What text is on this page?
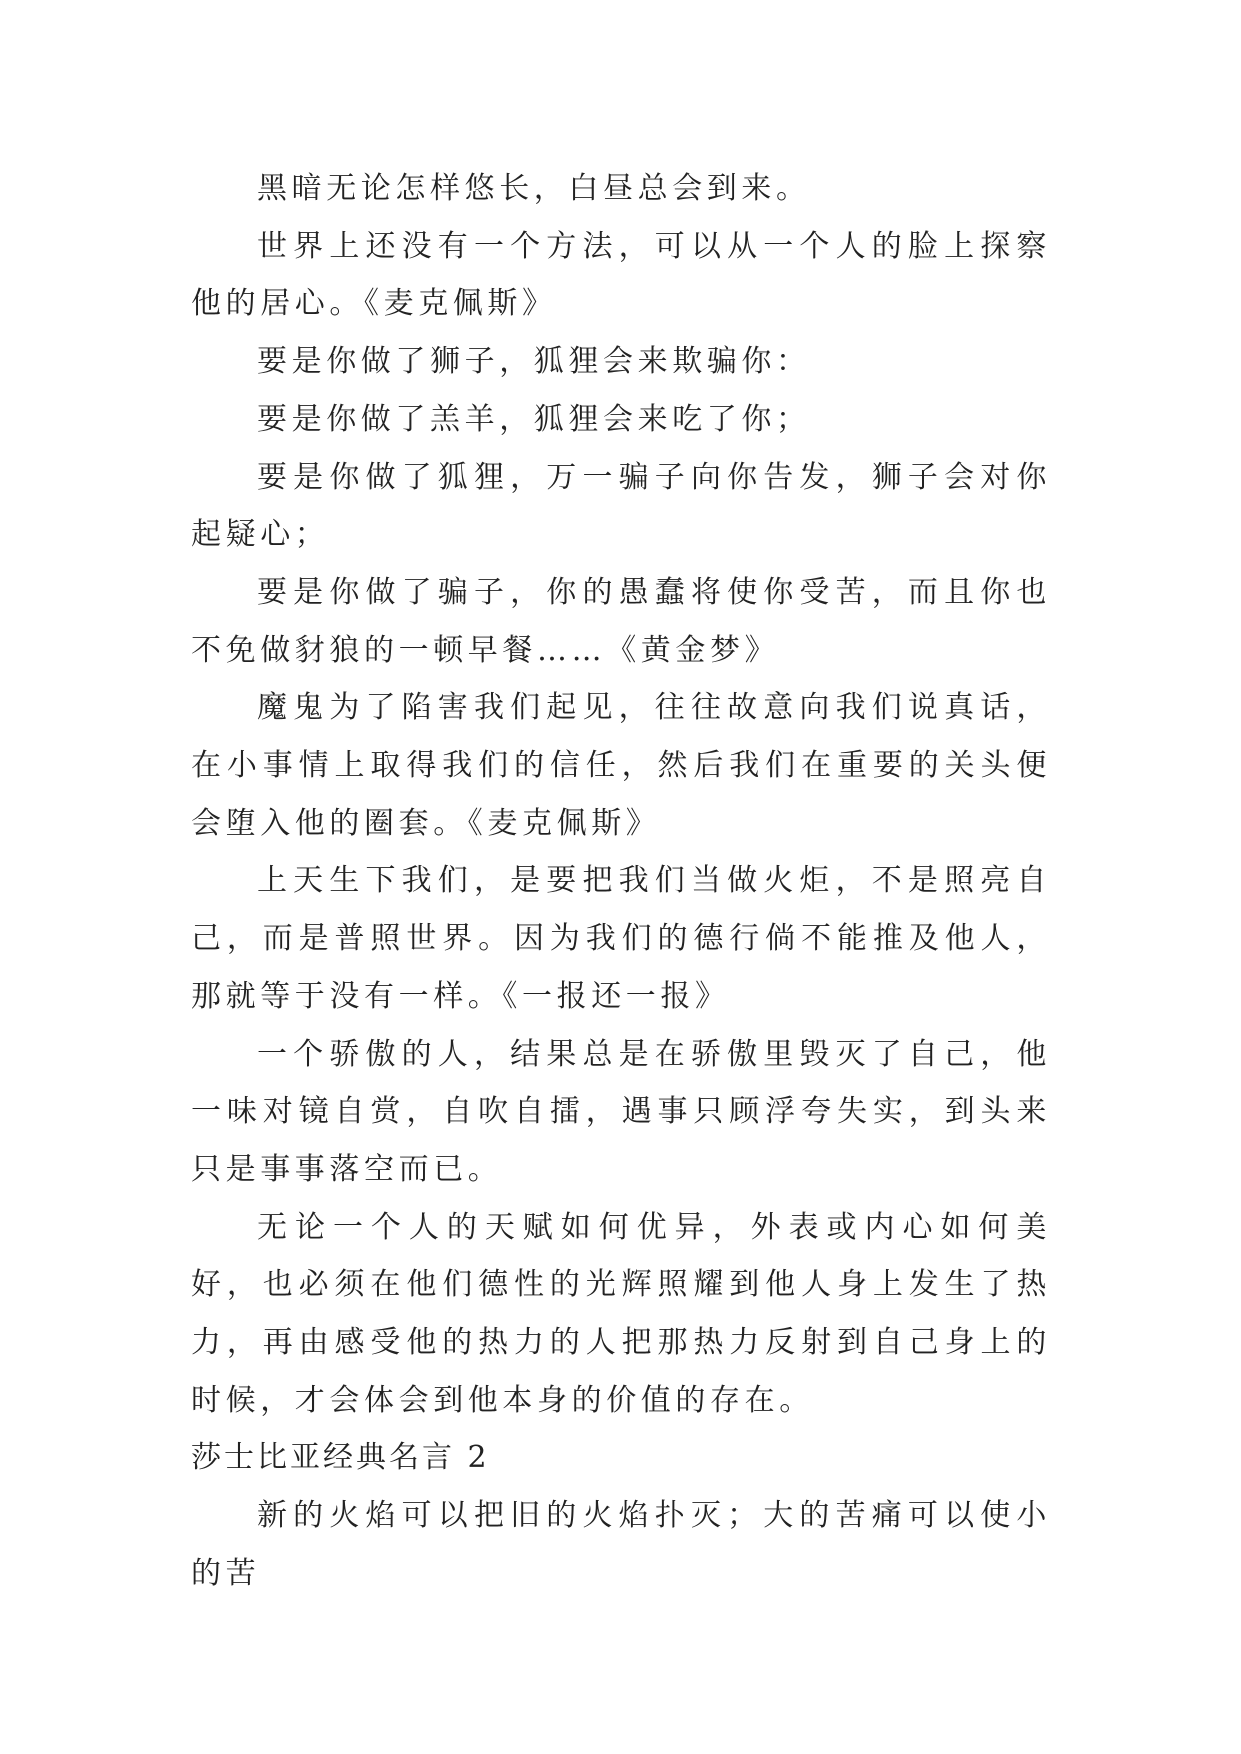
黑暗无论怎样悠长，白昼总会到来。

世界上还没有一个方法，可以从一个人的脸上探察他的居心。《麦克佩斯》

要是你做了狮子，狐狸会来欺骗你：

要是你做了羔羊，狐狸会来吃了你；

要是你做了狐狸，万一骗子向你告发，狮子会对你起疑心；

要是你做了骗子，你的愚蠢将使你受苦，而且你也不免做豺狼的一顿早餐……《黄金梦》

魔鬼为了陷害我们起见，往往故意向我们说真话，在小事情上取得我们的信任，然后我们在重要的关头便会堕入他的圈套。《麦克佩斯》

上天生下我们，是要把我们当做火炬，不是照亮自己，而是普照世界。因为我们的德行倘不能推及他人，那就等于没有一样。《一报还一报》

一个骄傲的人，结果总是在骄傲里毁灭了自己，他一味对镜自赏，自吹自擂，遇事只顾浮夸失实，到头来只是事事落空而已。

无论一个人的天赋如何优异，外表或内心如何美好，也必须在他们德性的光辉照耀到他人身上发生了热力，再由感受他的热力的人把那热力反射到自己身上的时候，才会体会到他本身的价值的存在。

莎士比亚经典名言 2

新的火焰可以把旧的火焰扑灭；大的苦痛可以使小的苦
